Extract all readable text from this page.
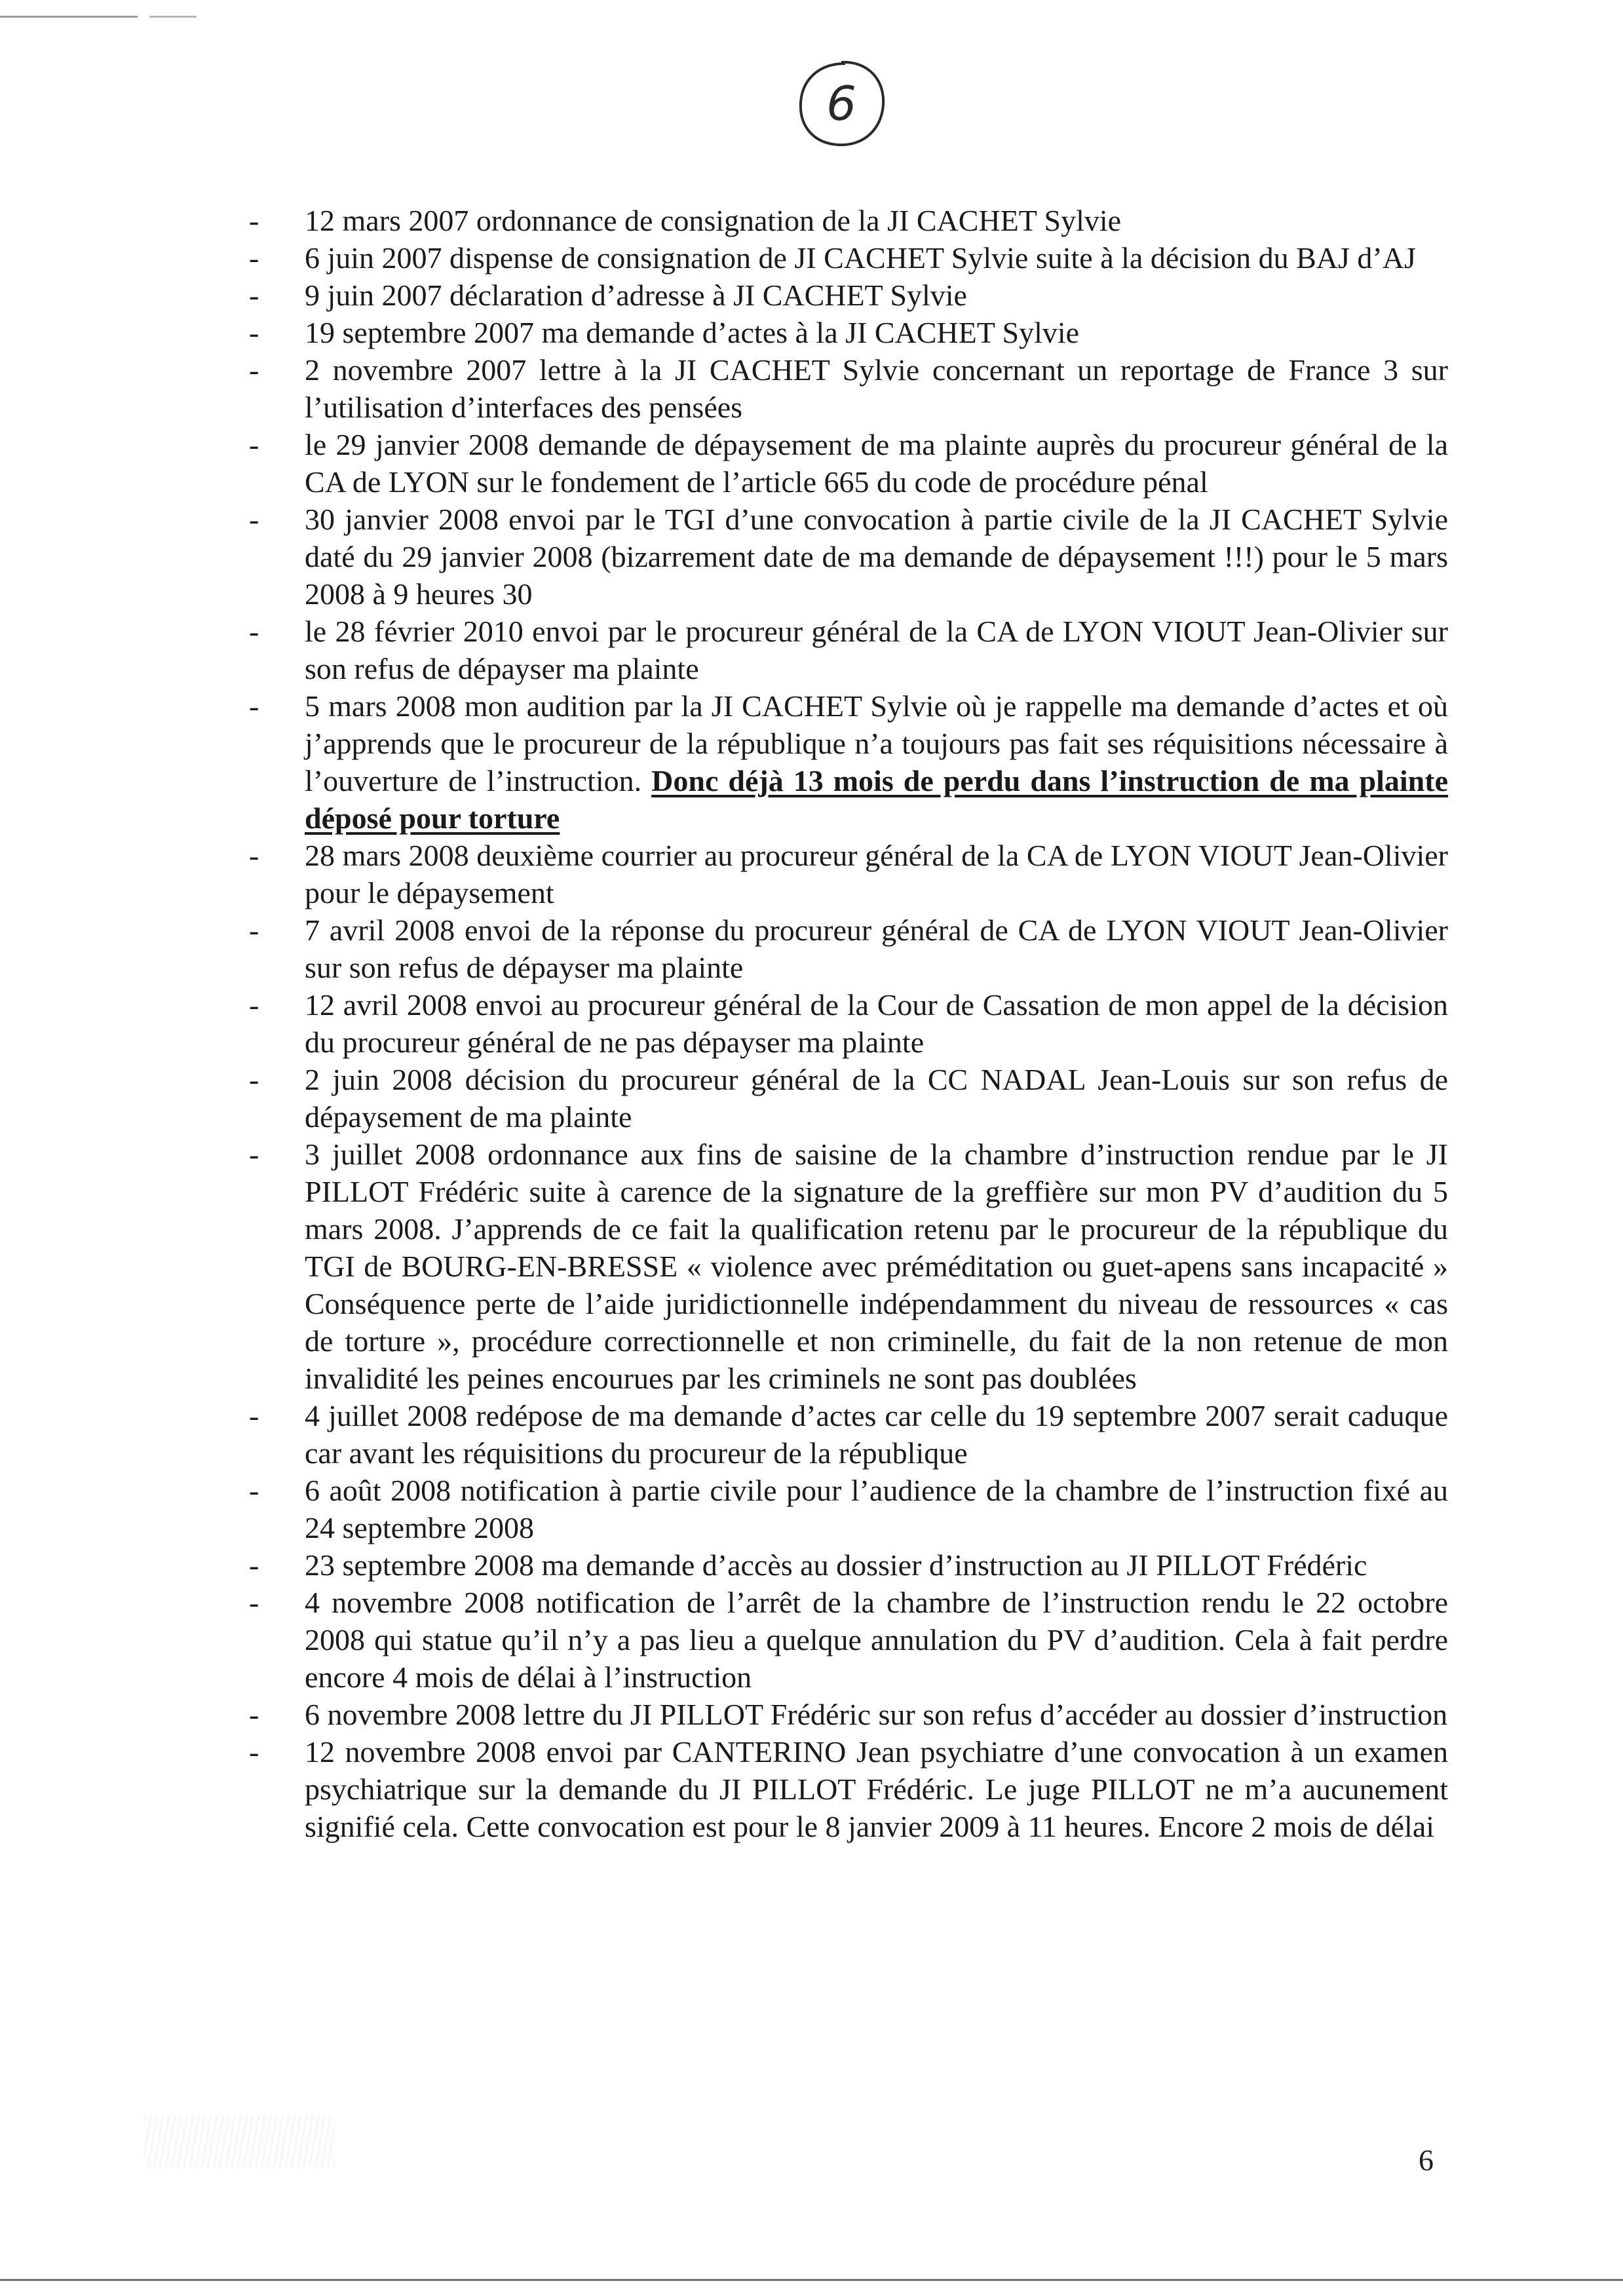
6

- 12 mars 2007 ordonnance de consignation de la JI CACHET Sylvie

- 6 juin 2007 dispense de consignation de JI CACHET Sylvie suite à la décision du BAJ d’AJ

- 9 juin 2007 déclaration d’adresse à JI CACHET Sylvie

- 19 septembre 2007 ma demande d’actes à la JI CACHET Sylvie

- 2 novembre 2007 lettre à la JI CACHET Sylvie concernant un reportage de France 3 sur l’utilisation d’interfaces des pensées

- le 29 janvier 2008 demande de dépaysement de ma plainte auprès du procureur général de la CA de LYON sur le fondement de l’article 665 du code de procédure pénal

- 30 janvier 2008 envoi par le TGI d’une convocation à partie civile de la JI CACHET Sylvie daté du 29 janvier 2008 (bizarrement date de ma demande de dépaysement !!!) pour le 5 mars 2008 à 9 heures 30

- le 28 février 2010 envoi par le procureur général de la CA de LYON VIOUT Jean-Olivier sur son refus de dépayser ma plainte

- 5 mars 2008 mon audition par la JI CACHET Sylvie où je rappelle ma demande d’actes et où j’apprends que le procureur de la république n’a toujours pas fait ses réquisitions nécessaire à l’ouverture de l’instruction. Donc déjà 13 mois de perdu dans l’instruction de ma plainte déposé pour torture

- 28 mars 2008 deuxième courrier au procureur général de la CA de LYON VIOUT Jean-Olivier pour le dépaysement

- 7 avril 2008 envoi de la réponse du procureur général de CA de LYON VIOUT Jean-Olivier sur son refus de dépayser ma plainte

- 12 avril 2008 envoi au procureur général de la Cour de Cassation de mon appel de la décision du procureur général de ne pas dépayser ma plainte

- 2 juin 2008 décision du procureur général de la CC NADAL Jean-Louis sur son refus de dépaysement de ma plainte

- 3 juillet 2008 ordonnance aux fins de saisine de la chambre d’instruction rendue par le JI PILLOT Frédéric suite à carence de la signature de la greffière sur mon PV d’audition du 5 mars 2008. J’apprends de ce fait la qualification retenu par le procureur de la république du TGI de BOURG-EN-BRESSE « violence avec préméditation ou guet-apens sans incapacité » Conséquence perte de l’aide juridictionnelle indépendamment du niveau de ressources « cas de torture », procédure correctionnelle et non criminelle, du fait de la non retenue de mon invalidité les peines encourues par les criminels ne sont pas doublées

- 4 juillet 2008 redépose de ma demande d’actes car celle du 19 septembre 2007 serait caduque car avant les réquisitions du procureur de la république

- 6 août 2008 notification à partie civile pour l’audience de la chambre de l’instruction fixé au 24 septembre 2008

- 23 septembre 2008 ma demande d’accès au dossier d’instruction au JI PILLOT Frédéric

- 4 novembre 2008 notification de l’arrêt de la chambre de l’instruction rendu le 22 octobre 2008 qui statue qu’il n’y a pas lieu a quelque annulation du PV d’audition. Cela à fait perdre encore 4 mois de délai à l’instruction

- 6 novembre 2008 lettre du JI PILLOT Frédéric sur son refus d’accéder au dossier d’instruction

- 12 novembre 2008 envoi par CANTERINO Jean psychiatre d’une convocation à un examen psychiatrique sur la demande du JI PILLOT Frédéric. Le juge PILLOT ne m’a aucunement signifié cela. Cette convocation est pour le 8 janvier 2009 à 11 heures. Encore 2 mois de délai

6
